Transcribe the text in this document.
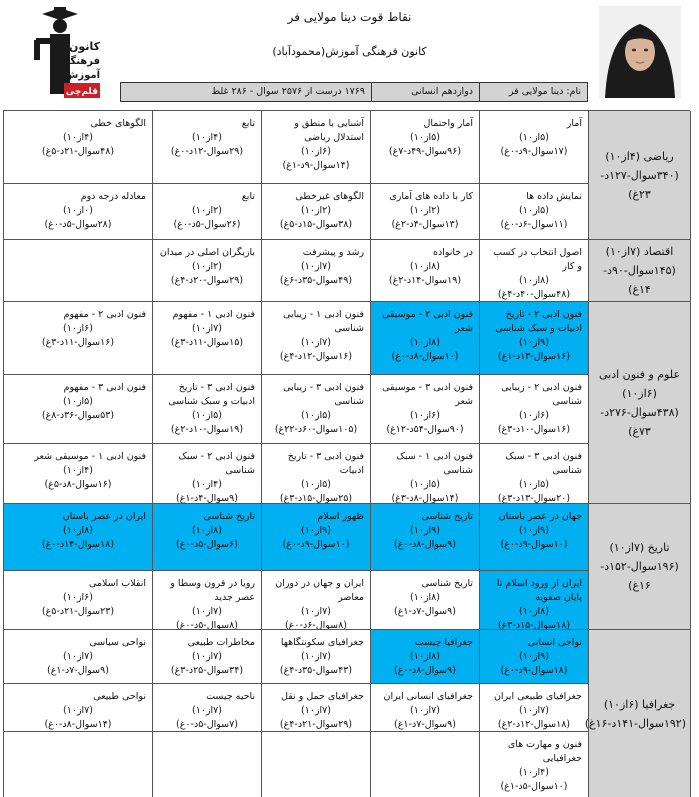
نقاط قوت دینا مولایی فر
کانون فرهنگی آموزش(محمودآباد)
کانون
فرهنگی
آموزش
قلم‌چی	نام: دینا مولایی فر
دوازدهم انسانی
۱۷۶۹ درست از ۲۵۷۶ سوال - ۲۸۶ غلط
ریاضی (۴از۱۰)
(۳۴۰سوال-۱۲۷د-
۲۳غ)
اقتصاد (۷از۱۰)
(۱۴۵سوال-۹۰د-
۱۴غ)
علوم و فنون ادبی
(۶از۱۰)
(۴۳۸سوال-۲۷۶د-
۷۳غ)
تاریخ (۷از۱۰)
(۱۹۶سوال-۱۵۲د-
۱۶غ)
جغرافیا (۶از۱۰)
(۱۹۲سوال-۱۴۱د-۱۶غ)
آمار
(۵از۱۰)
(۱۷سوال-۹د-۰غ)
آمار واحتمال
(۵از۱۰)
(۹۶سوال-۴۹د-۷غ)
آشنایی با منطق و استدلال ریاضی
(۶از۱۰)
(۱۴سوال-۹د-۱غ)
تابع
(۴از۱۰)
(۲۹سوال-۱۲د-۰غ)
الگوهای خطی
(۴از۱۰)
(۴۸سوال-۲۱د-۵غ)
نمایش داده ها
(۵از۱۰)
(۱۱سوال-۶د-۰غ)
کار با داده های آماری
(۲از۱۰)
(۱۳سوال-۴د-۲غ)
الگوهای غیرخطی
(۲از۱۰)
(۳۸سوال-۱۵د-۵غ)
تابع
(۲از۱۰)
(۲۶سوال-۵د-۰غ)
معادله درجه دوم
(۰از۱۰)
(۲۸سوال-۵د-۰غ)
اصول انتخاب در کسب و کار
(۸از۱۰)
(۴۸سوال-۴۰د-۴غ)
در خانواده
(۸از۱۰)
(۱۹سوال-۱۴د-۲غ)
رشد و پیشرفت
(۷از۱۰)
(۴۹سوال-۳۵د-۶غ)
بازیگران اصلی در میدان
(۲از۱۰)
(۲۹سوال-۲۰د-۴غ)
فنون ادبی ۲ - تاریخ ادبیات و سبک شناسی
(۹از۱۰)
(۱۶سوال-۱۳د-۱غ)
فنون ادبی ۲ - موسیقی شعر
(۸از۱۰)
(۱۰سوال-۸د-۰غ)
فنون ادبی ۱ - زیبایی شناسی
(۷از۱۰)
(۱۶سوال-۱۲د-۴غ)
فنون ادبی ۱ - مفهوم
(۷از۱۰)
(۱۵سوال-۱۱د-۳غ)
فنون ادبی ۲ - مفهوم
(۶از۱۰)
(۱۶سوال-۱۱د-۳غ)
فنون ادبی ۲ - زیبایی شناسی
(۶از۱۰)
(۱۶سوال-۱۰د-۳غ)
فنون ادبی ۳ - موسیقی شعر
(۶از۱۰)
(۹۰سوال-۵۴د-۱۲غ)
فنون ادبی ۳ - زیبایی شناسی
(۵از۱۰)
(۱۰۵سوال-۶۰د-۲۲غ)
فنون ادبی ۳ - تاریخ ادبیات و سبک شناسی
(۵از۱۰)
(۱۹سوال-۱۰د-۲غ)
فنون ادبی ۳ - مفهوم
(۵از۱۰)
(۵۳سوال-۳۶د-۸غ)
فنون ادبی ۳ - سبک شناسی
(۵از۱۰)
(۲۰سوال-۱۳د-۳غ)
فنون ادبی ۱ - سبک شناسی
(۵از۱۰)
(۱۴سوال-۸د-۳غ)
فنون ادبی ۳ - تاریخ ادبیات
(۵از۱۰)
(۲۵سوال-۱۵د-۳غ)
فنون ادبی ۲ - سبک شناسی
(۴از۱۰)
(۹سوال-۴د-۱غ)
فنون ادبی ۱ - موسیقی شعر
(۴از۱۰)
(۱۶سوال-۸د-۵غ)
جهان در عصر باستان
(۹از۱۰)
(۱۰سوال-۹د-۰غ)
تاریخ شناسی
(۹از۱۰)
(۹سوال-۸د-۰غ)
ظهور اسلام
(۹از۱۰)
(۱۰سوال-۹د-۰غ)
تاریخ شناسی
(۸از۱۰)
(۶سوال-۵د-۰غ)
ایران در عصر باستان
(۸از۱۰)
(۱۸سوال-۱۴د-۰غ)
ایران از ورود اسلام تا پایان صفویه
(۸از۱۰)
(۱۸سوال-۱۵د-۳غ)
تاریخ شناسی
(۸از۱۰)
(۹سوال-۷د-۱غ)
ایران و جهان در دوران معاصر
(۷از۱۰)
(۸سوال-۶د-۰غ)
رویا در قرون وسطا و عصر جدید
(۷از۱۰)
(۸سوال-۵د-۰غ)
انقلاب اسلامی
(۶از۱۰)
(۲۳سوال-۲۱د-۵غ)
نواحی انسانی
(۹از۱۰)
(۱۸سوال-۹د-۰غ)
جغرافیا چیست
(۸از۱۰)
(۹سوال-۸د-۰غ)
جغرافیای سکونتگاهها
(۷از۱۰)
(۴۳سوال-۳۵د-۴غ)
مخاطرات طبیعی
(۷از۱۰)
(۳۴سوال-۲۵د-۳غ)
نواحی سیاسی
(۷از۱۰)
(۹سوال-۷د-۱غ)
جغرافیای طبیعی ایران
(۷از۱۰)
(۱۸سوال-۱۲د-۲غ)
جغرافیای انسانی ایران
(۷از۱۰)
(۹سوال-۷د-۱غ)
جغرافیای حمل و نقل
(۷از۱۰)
(۲۹سوال-۲۱د-۴غ)
ناحیه چیست
(۷از۱۰)
(۷سوال-۵د-۰غ)
نواحی طبیعی
(۷از۱۰)
(۱۴سوال-۸د-۰غ)
فنون و مهارت های جغرافیایی
(۴از۱۰)
(۱۰سوال-۵د-۱غ)
